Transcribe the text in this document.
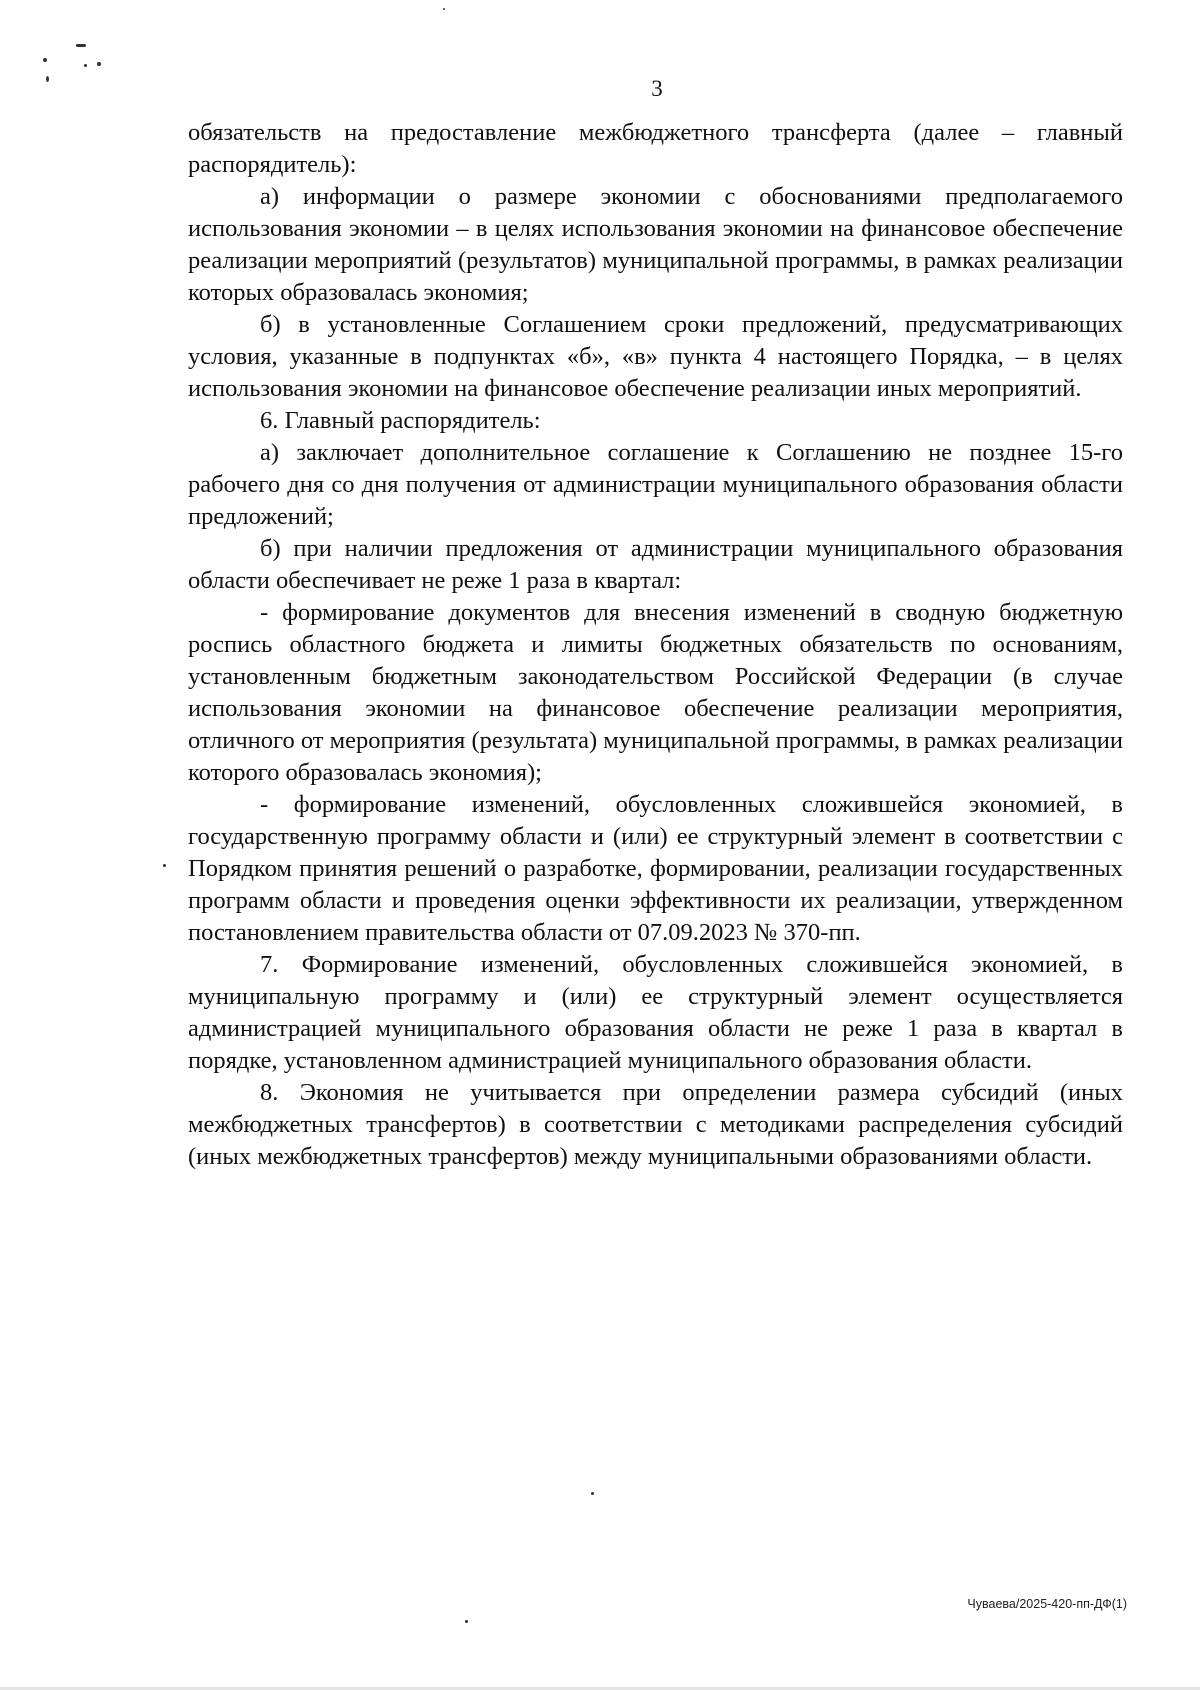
3

обязательств на предоставление межбюджетного трансферта (далее – главный распорядитель):

а) информации о размере экономии с обоснованиями предполагаемого использования экономии – в целях использования экономии на финансовое обеспечение реализации мероприятий (результатов) муниципальной программы, в рамках реализации которых образовалась экономия;

б) в установленные Соглашением сроки предложений, предусматривающих условия, указанные в подпунктах «б», «в» пункта 4 настоящего Порядка, – в целях использования экономии на финансовое обеспечение реализации иных мероприятий.

6. Главный распорядитель:

а) заключает дополнительное соглашение к Соглашению не позднее 15-го рабочего дня со дня получения от администрации муниципального образования области предложений;

б) при наличии предложения от администрации муниципального образования области обеспечивает не реже 1 раза в квартал:

- формирование документов для внесения изменений в сводную бюджетную роспись областного бюджета и лимиты бюджетных обязательств по основаниям, установленным бюджетным законодательством Российской Федерации (в случае использования экономии на финансовое обеспечение реализации мероприятия, отличного от мероприятия (результата) муниципальной программы, в рамках реализации которого образовалась экономия);

- формирование изменений, обусловленных сложившейся экономией, в государственную программу области и (или) ее структурный элемент в соответствии с Порядком принятия решений о разработке, формировании, реализации государственных программ области и проведения оценки эффективности их реализации, утвержденном постановлением правительства области от 07.09.2023 № 370-пп.

7. Формирование изменений, обусловленных сложившейся экономией, в муниципальную программу и (или) ее структурный элемент осуществляется администрацией муниципального образования области не реже 1 раза в квартал в порядке, установленном администрацией муниципального образования области.

8. Экономия не учитывается при определении размера субсидий (иных межбюджетных трансфертов) в соответствии с методиками распределения субсидий (иных межбюджетных трансфертов) между муниципальными образованиями области.

Чуваева/2025-420-пп-ДФ(1)
